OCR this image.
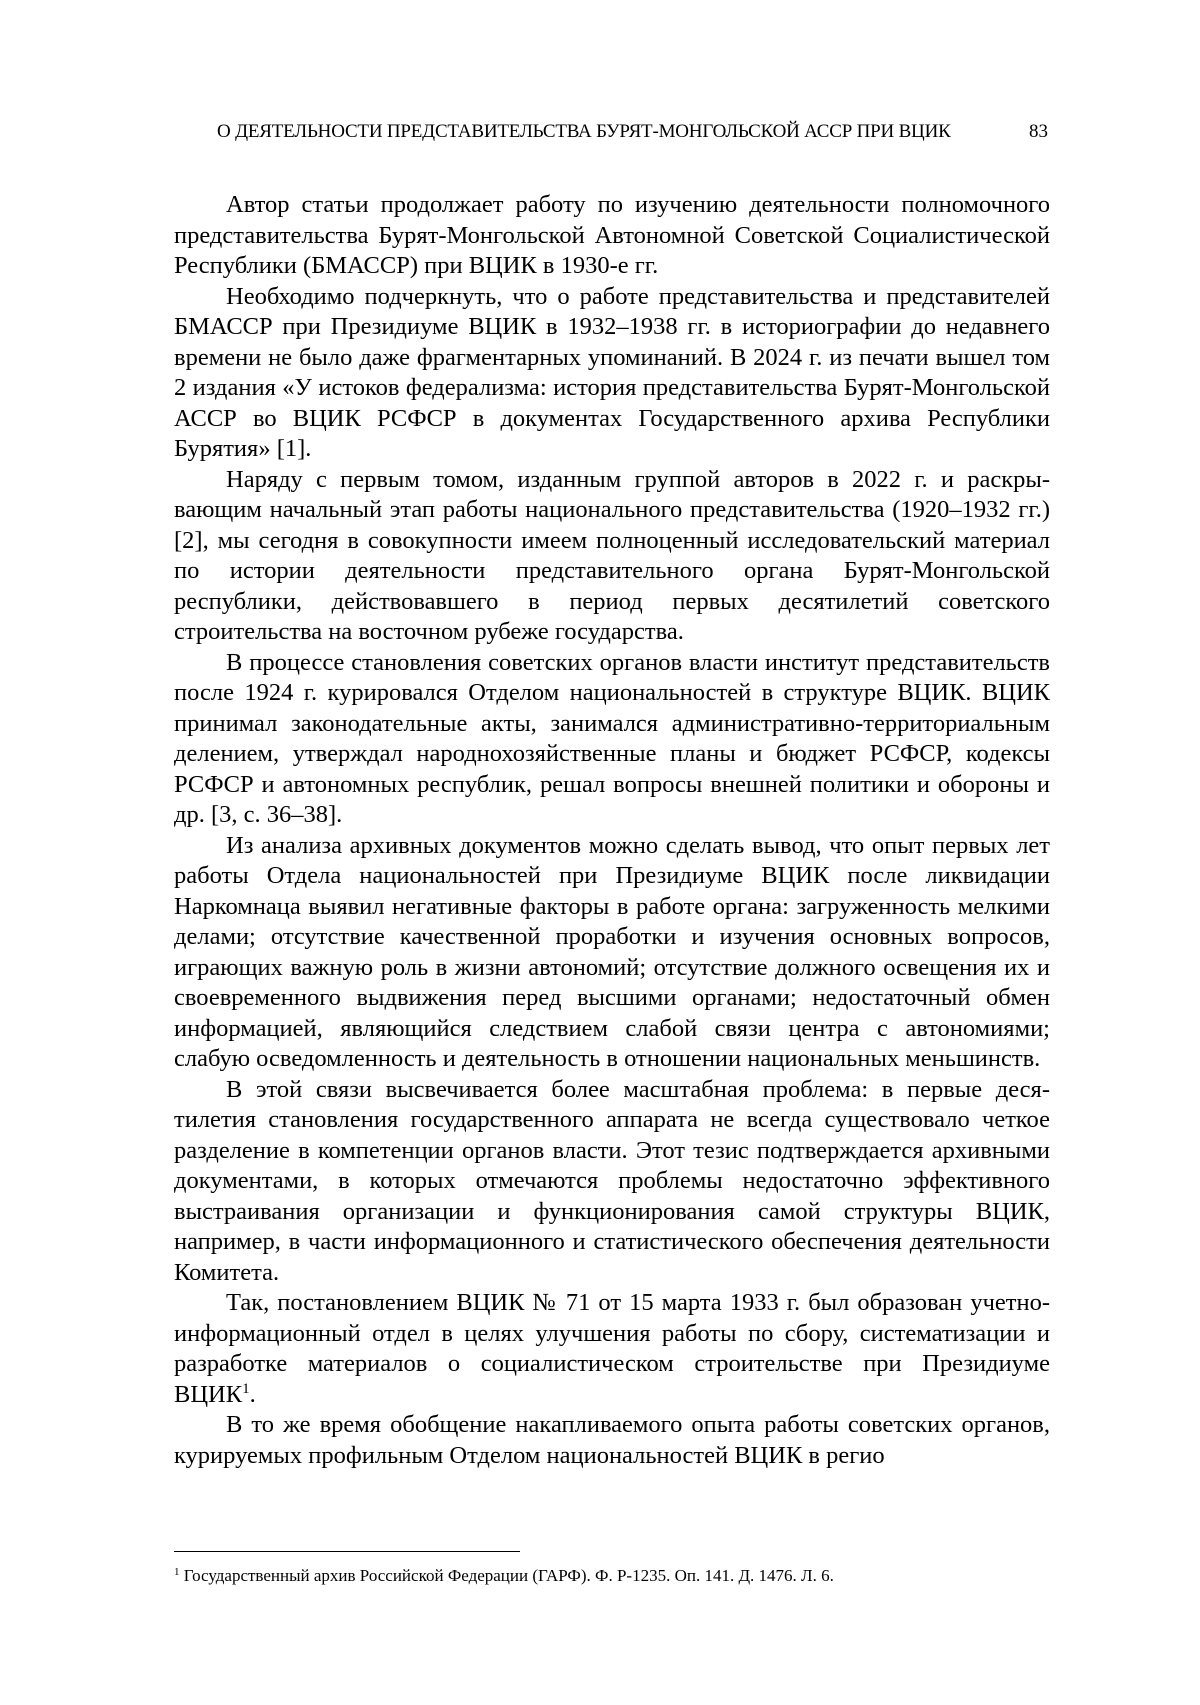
О ДЕЯТЕЛЬНОСТИ ПРЕДСТАВИТЕЛЬСТВА БУРЯТ-МОНГОЛЬСКОЙ АССР ПРИ ВЦИК	83

Автор статьи продолжает работу по изучению деятельности полномочного представительства Бурят-Монгольской Автономной Советской Социалистической Республики (БМАССР) при ВЦИК в 1930-е гг.

Необходимо подчеркнуть, что о работе представительства и представителей БМАССР при Президиуме ВЦИК в 1932–1938 гг. в историографии до недавнего времени не было даже фрагментарных упоминаний. В 2024 г. из печати вышел том 2 издания «У истоков федерализма: история представительства Бурят-Монгольской АССР во ВЦИК РСФСР в документах Государственного архива Республики Бурятия» [1].

Наряду с первым томом, изданным группой авторов в 2022 г. и раскрывающим начальный этап работы национального представительства (1920–1932 гг.) [2], мы сегодня в совокупности имеем полноценный исследовательский материал по истории деятельности представительного органа Бурят-Монгольской республики, действовавшего в период первых десятилетий советского строительства на восточном рубеже государства.

В процессе становления советских органов власти институт представительств после 1924 г. курировался Отделом национальностей в структуре ВЦИК. ВЦИК принимал законодательные акты, занимался административно-территориальным делением, утверждал народнохозяйственные планы и бюджет РСФСР, кодексы РСФСР и автономных республик, решал вопросы внешней политики и обороны и др. [3, с. 36–38].

Из анализа архивных документов можно сделать вывод, что опыт первых лет работы Отдела национальностей при Президиуме ВЦИК после ликвидации Наркомнаца выявил негативные факторы в работе органа: загруженность мелкими делами; отсутствие качественной проработки и изучения основных вопросов, играющих важную роль в жизни автономий; отсутствие должного освещения их и своевременного выдвижения перед высшими органами; недостаточный обмен информацией, являющийся следствием слабой связи центра с автономиями; слабую осведомленность и деятельность в отношении национальных меньшинств.

В этой связи высвечивается более масштабная проблема: в первые десятилетия становления государственного аппарата не всегда существовало четкое разделение в компетенции органов власти. Этот тезис подтверждается архивными документами, в которых отмечаются проблемы недостаточно эффективного выстраивания организации и функционирования самой структуры ВЦИК, например, в части информационного и статистического обеспечения деятельности Комитета.

Так, постановлением ВЦИК № 71 от 15 марта 1933 г. был образован учетно-информационный отдел в целях улучшения работы по сбору, систематизации и разработке материалов о социалистическом строительстве при Президиуме ВЦИК$^1$.

В то же время обобщение накапливаемого опыта работы советских органов, курируемых профильным Отделом национальностей ВЦИК в регио

$^1$ Государственный архив Российской Федерации (ГАРФ). Ф. Р-1235. Оп. 141. Д. 1476. Л. 6.
